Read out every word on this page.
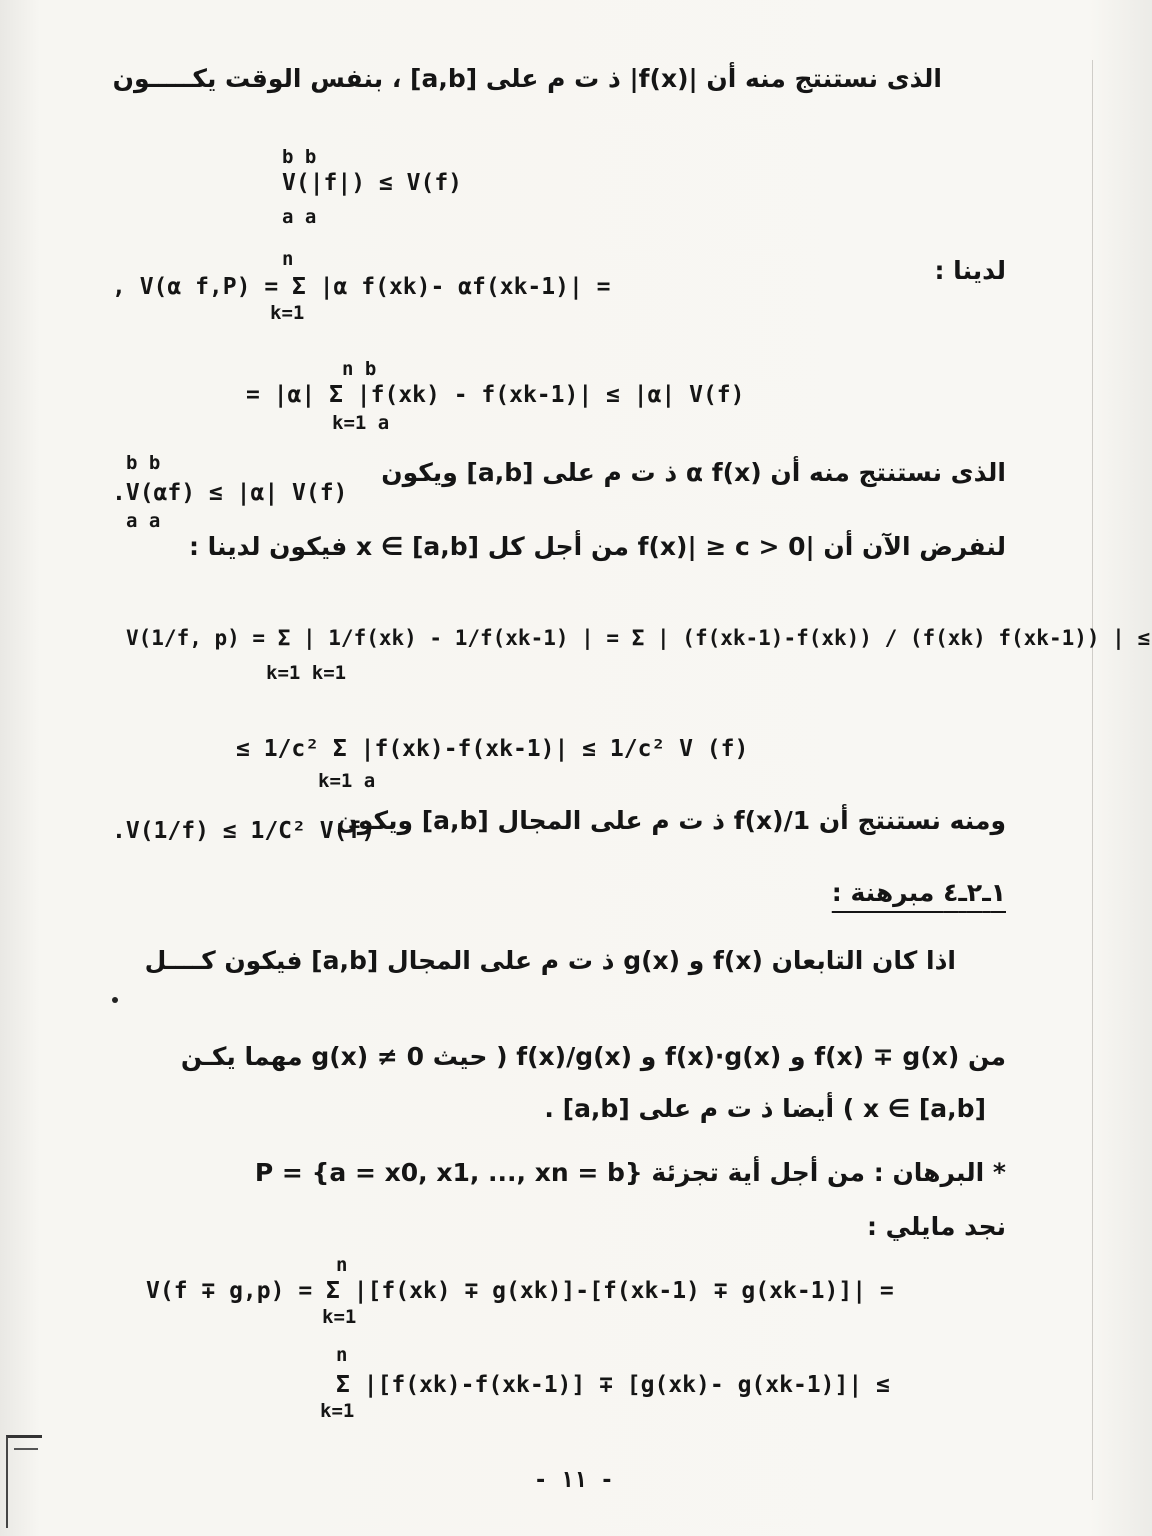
الذى نستنتج منه أن |f(x)| ذ ت م على [a,b] ، بنفس الوقت يكـــــون
b b
V(|f|) ≤ V(f)
a a
لدينا :
n
, V(α f,P) = Σ |α f(xk)- αf(xk-1)| =
k=1
n b
= |α| Σ |f(xk) - f(xk-1)| ≤ |α| V(f)
k=1 a
b b
.V(αf) ≤ |α| V(f)
a a
الذى نستنتج منه أن α f(x) ذ ت م على [a,b] ويكون
لنفرض الآن أن |f(x)| ≥ c > 0 من أجل كل x ∈ [a,b] فيكون لدينا :
V(1/f, p) = Σ | 1/f(xk) - 1/f(xk-1) | = Σ | (f(xk-1)-f(xk)) / (f(xk) f(xk-1)) | ≤
k=1 k=1
≤ 1/c² Σ |f(xk)-f(xk-1)| ≤ 1/c² V (f)
k=1 a
.V(1/f) ≤ 1/C² V(f)
ومنه نستنتج أن 1/f(x) ذ ت م على المجال [a,b] ويكون
١ـ٢ـ٤ مبرهنة :
اذا كان التابعان f(x) و g(x) ذ ت م على المجال [a,b] فيكون كــــل
من f(x) ∓ g(x) و f(x)·g(x) و f(x)/g(x) ( حيث g(x) ≠ 0 مهما يكـن
x ∈ [a,b] ) أيضا ذ ت م على [a,b] .
* البرهان : من أجل أية تجزئة P = {a = x0, x1, ..., xn = b}
نجد مايلي :
n
V(f ∓ g,p) = Σ |[f(xk) ∓ g(xk)]-[f(xk-1) ∓ g(xk-1)]| =
k=1
n
Σ |[f(xk)-f(xk-1)] ∓ [g(xk)- g(xk-1)]| ≤
k=1
- ١١ -
